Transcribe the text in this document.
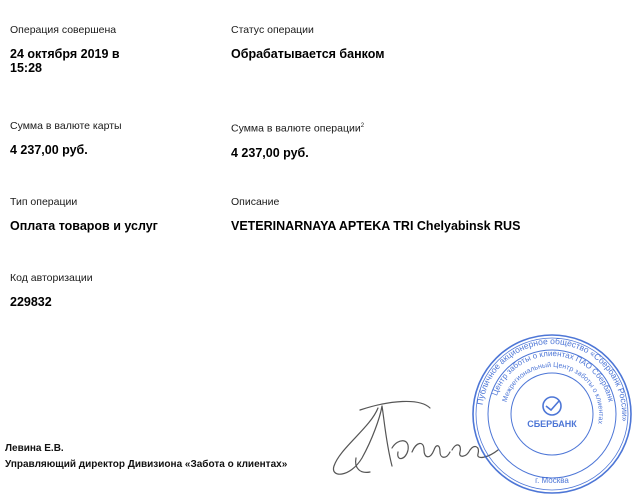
Операция совершена
24 октября 2019 в 15:28
Статус операции
Обрабатывается банком
Сумма в валюте карты
4 237,00 руб.
Сумма в валюте операции$^2$
4 237,00 руб.
Тип операции
Оплата товаров и услуг
Описание
VETERINARNAYA APTEKA TRI Chelyabinsk RUS
Код авторизации
229832
Левина Е.В.
Управляющий директор Дивизиона «Забота о клиентах»
Публичное акционерное общество «Сбербанк России»
Центр заботы о клиентах ПАО Сбербанк
Межрегиональный Центр заботы о клиентах
СБЕРБАНК
г. Москва
